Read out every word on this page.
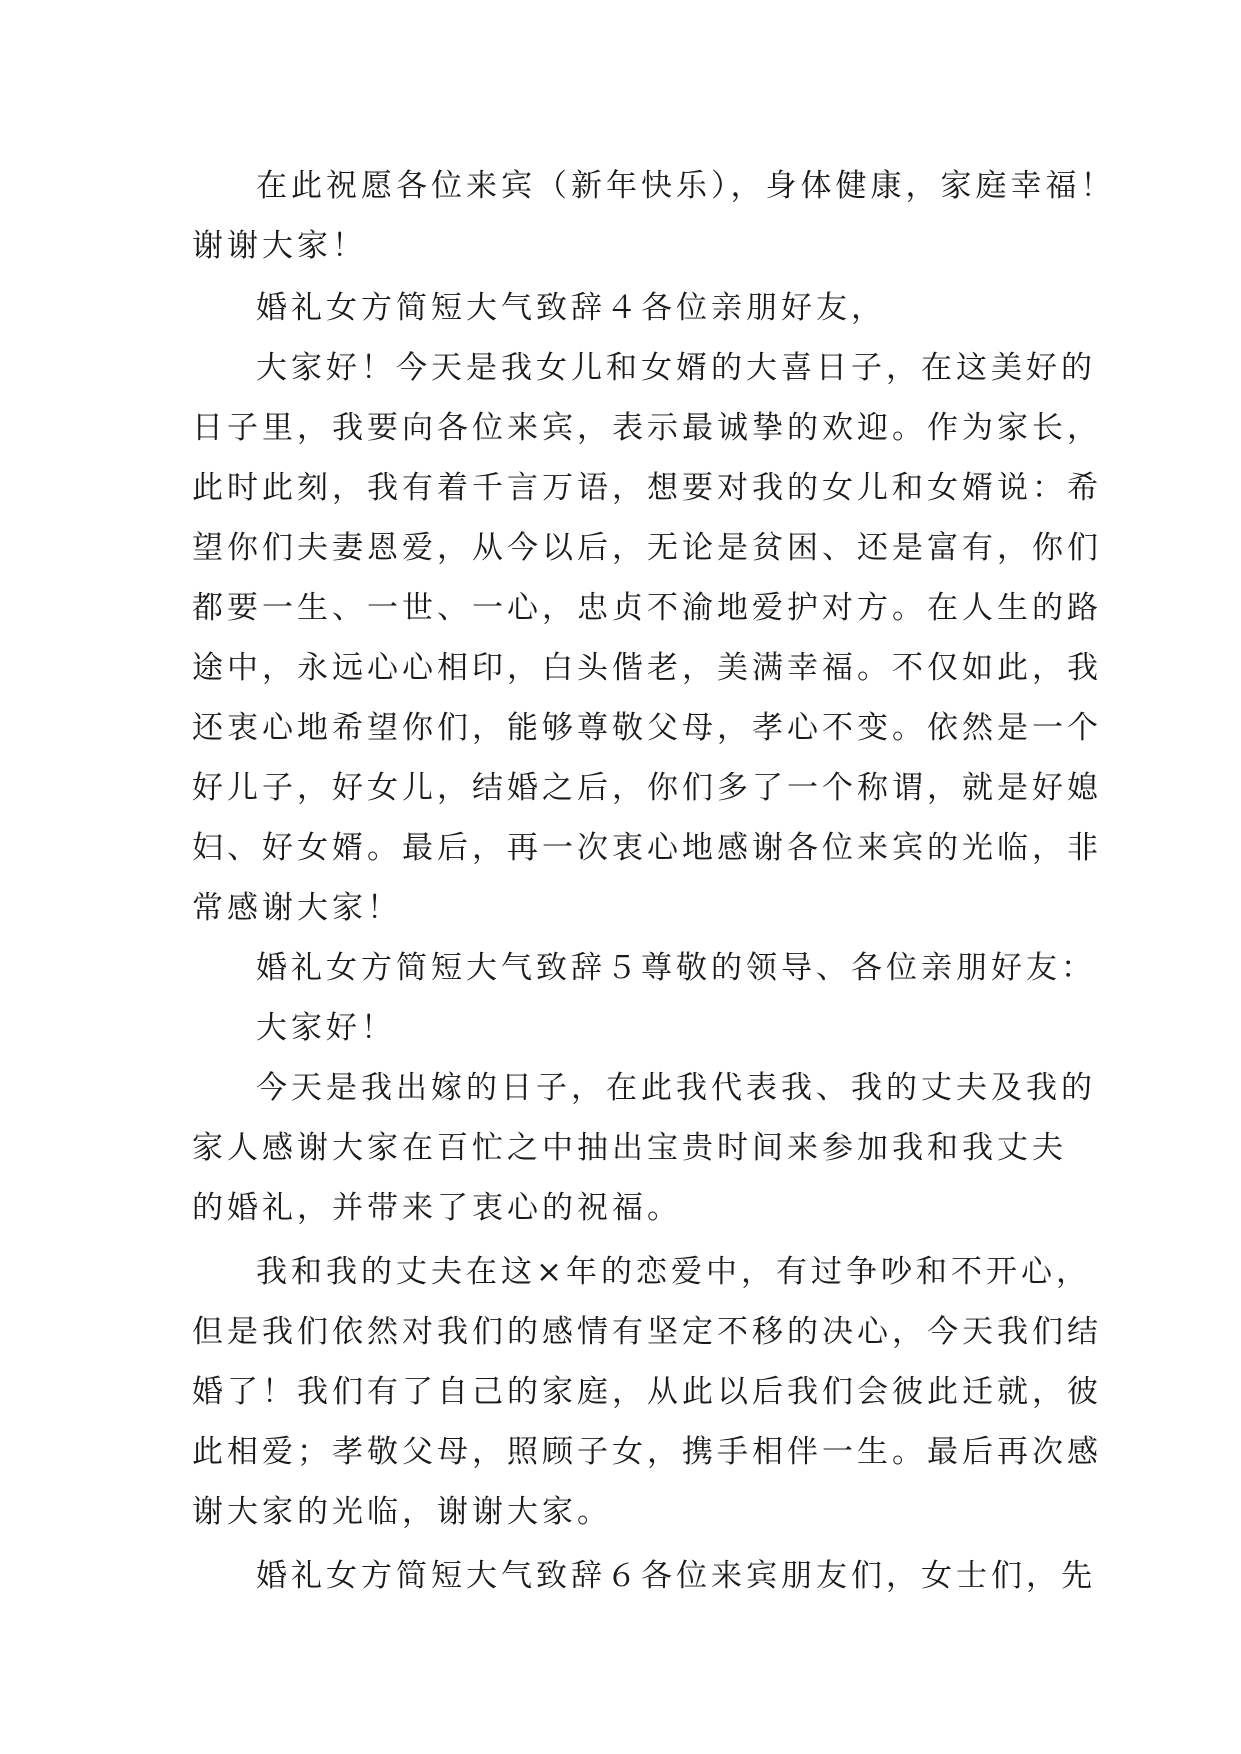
在此祝愿各位来宾（新年快乐），身体健康，家庭幸福！
谢谢大家！
婚礼女方简短大气致辞４各位亲朋好友，
大家好！今天是我女儿和女婿的大喜日子，在这美好的
日子里，我要向各位来宾，表示最诚挚的欢迎。作为家长，
此时此刻，我有着千言万语，想要对我的女儿和女婿说：希
望你们夫妻恩爱，从今以后，无论是贫困、还是富有，你们
都要一生、一世、一心，忠贞不渝地爱护对方。在人生的路
途中，永远心心相印，白头偕老，美满幸福。不仅如此，我
还衷心地希望你们，能够尊敬父母，孝心不变。依然是一个
好儿子，好女儿，结婚之后，你们多了一个称谓，就是好媳
妇、好女婿。最后，再一次衷心地感谢各位来宾的光临，非
常感谢大家！
婚礼女方简短大气致辞５尊敬的领导、各位亲朋好友：
大家好！
今天是我出嫁的日子，在此我代表我、我的丈夫及我的
家人感谢大家在百忙之中抽出宝贵时间来参加我和我丈夫
的婚礼，并带来了衷心的祝福。
我和我的丈夫在这×年的恋爱中，有过争吵和不开心，
但是我们依然对我们的感情有坚定不移的决心，今天我们结
婚了！我们有了自己的家庭，从此以后我们会彼此迁就，彼
此相爱；孝敬父母，照顾子女，携手相伴一生。最后再次感
谢大家的光临，谢谢大家。
婚礼女方简短大气致辞６各位来宾朋友们，女士们，先
